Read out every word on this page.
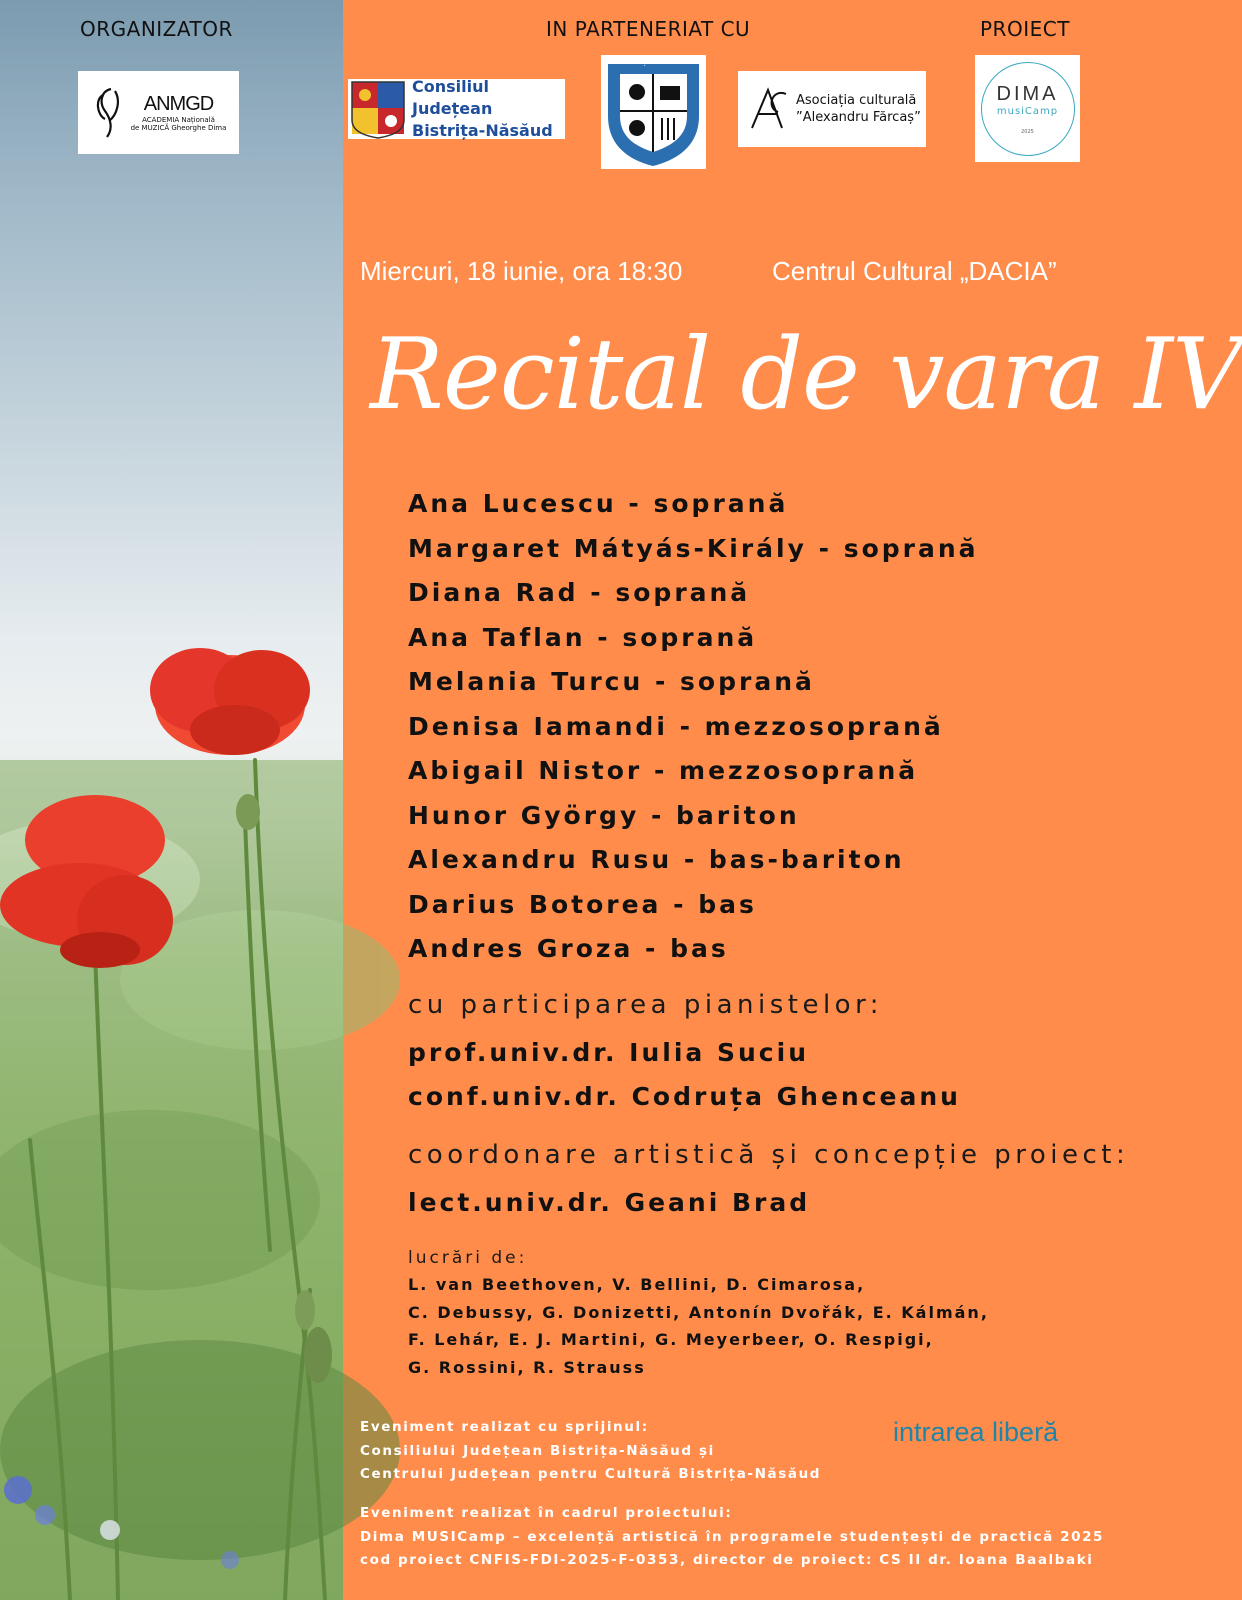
ORGANIZATOR	IN PARTENERIAT CU	PROIECT
ANMGD
ACADEMIA Națională
de MUZICĂ Gheorghe Dima
Consiliul Județean
Bistrița-Năsăud
Bistrița-Năsăud
Asociația culturală
”Alexandru Fărcaș”
DIMA
musiCamp
2025
Miercuri, 18 iunie, ora 18:30	Centrul Cultural „DACIA”
Recital de vara IV
Ana Lucescu - soprană
Margaret Mátyás-Király - soprană
Diana Rad - soprană
Ana Taflan - soprană
Melania Turcu - soprană
Denisa Iamandi - mezzosoprană
Abigail Nistor - mezzosoprană
Hunor György - bariton
Alexandru Rusu - bas-bariton
Darius Botorea - bas
Andres Groza - bas
cu participarea pianistelor:
prof.univ.dr. Iulia Suciu
conf.univ.dr. Codruța Ghenceanu
coordonare artistică și concepție proiect:
lect.univ.dr. Geani Brad
lucrări de:
L. van Beethoven, V. Bellini, D. Cimarosa,
C. Debussy, G. Donizetti, Antonín Dvořák, E. Kálmán,
F. Lehár, E. J. Martini, G. Meyerbeer, O. Respigi,
G. Rossini, R. Strauss
Eveniment realizat cu sprijinul:
Consiliului Județean Bistrița-Năsăud și
Centrului Județean pentru Cultură Bistrița-Năsăud
intrarea liberă
Eveniment realizat în cadrul proiectului:
Dima MUSICamp – excelență artistică în programele studențești de practică 2025
cod proiect CNFIS-FDI-2025-F-0353, director de proiect: CS II dr. Ioana Baalbaki
